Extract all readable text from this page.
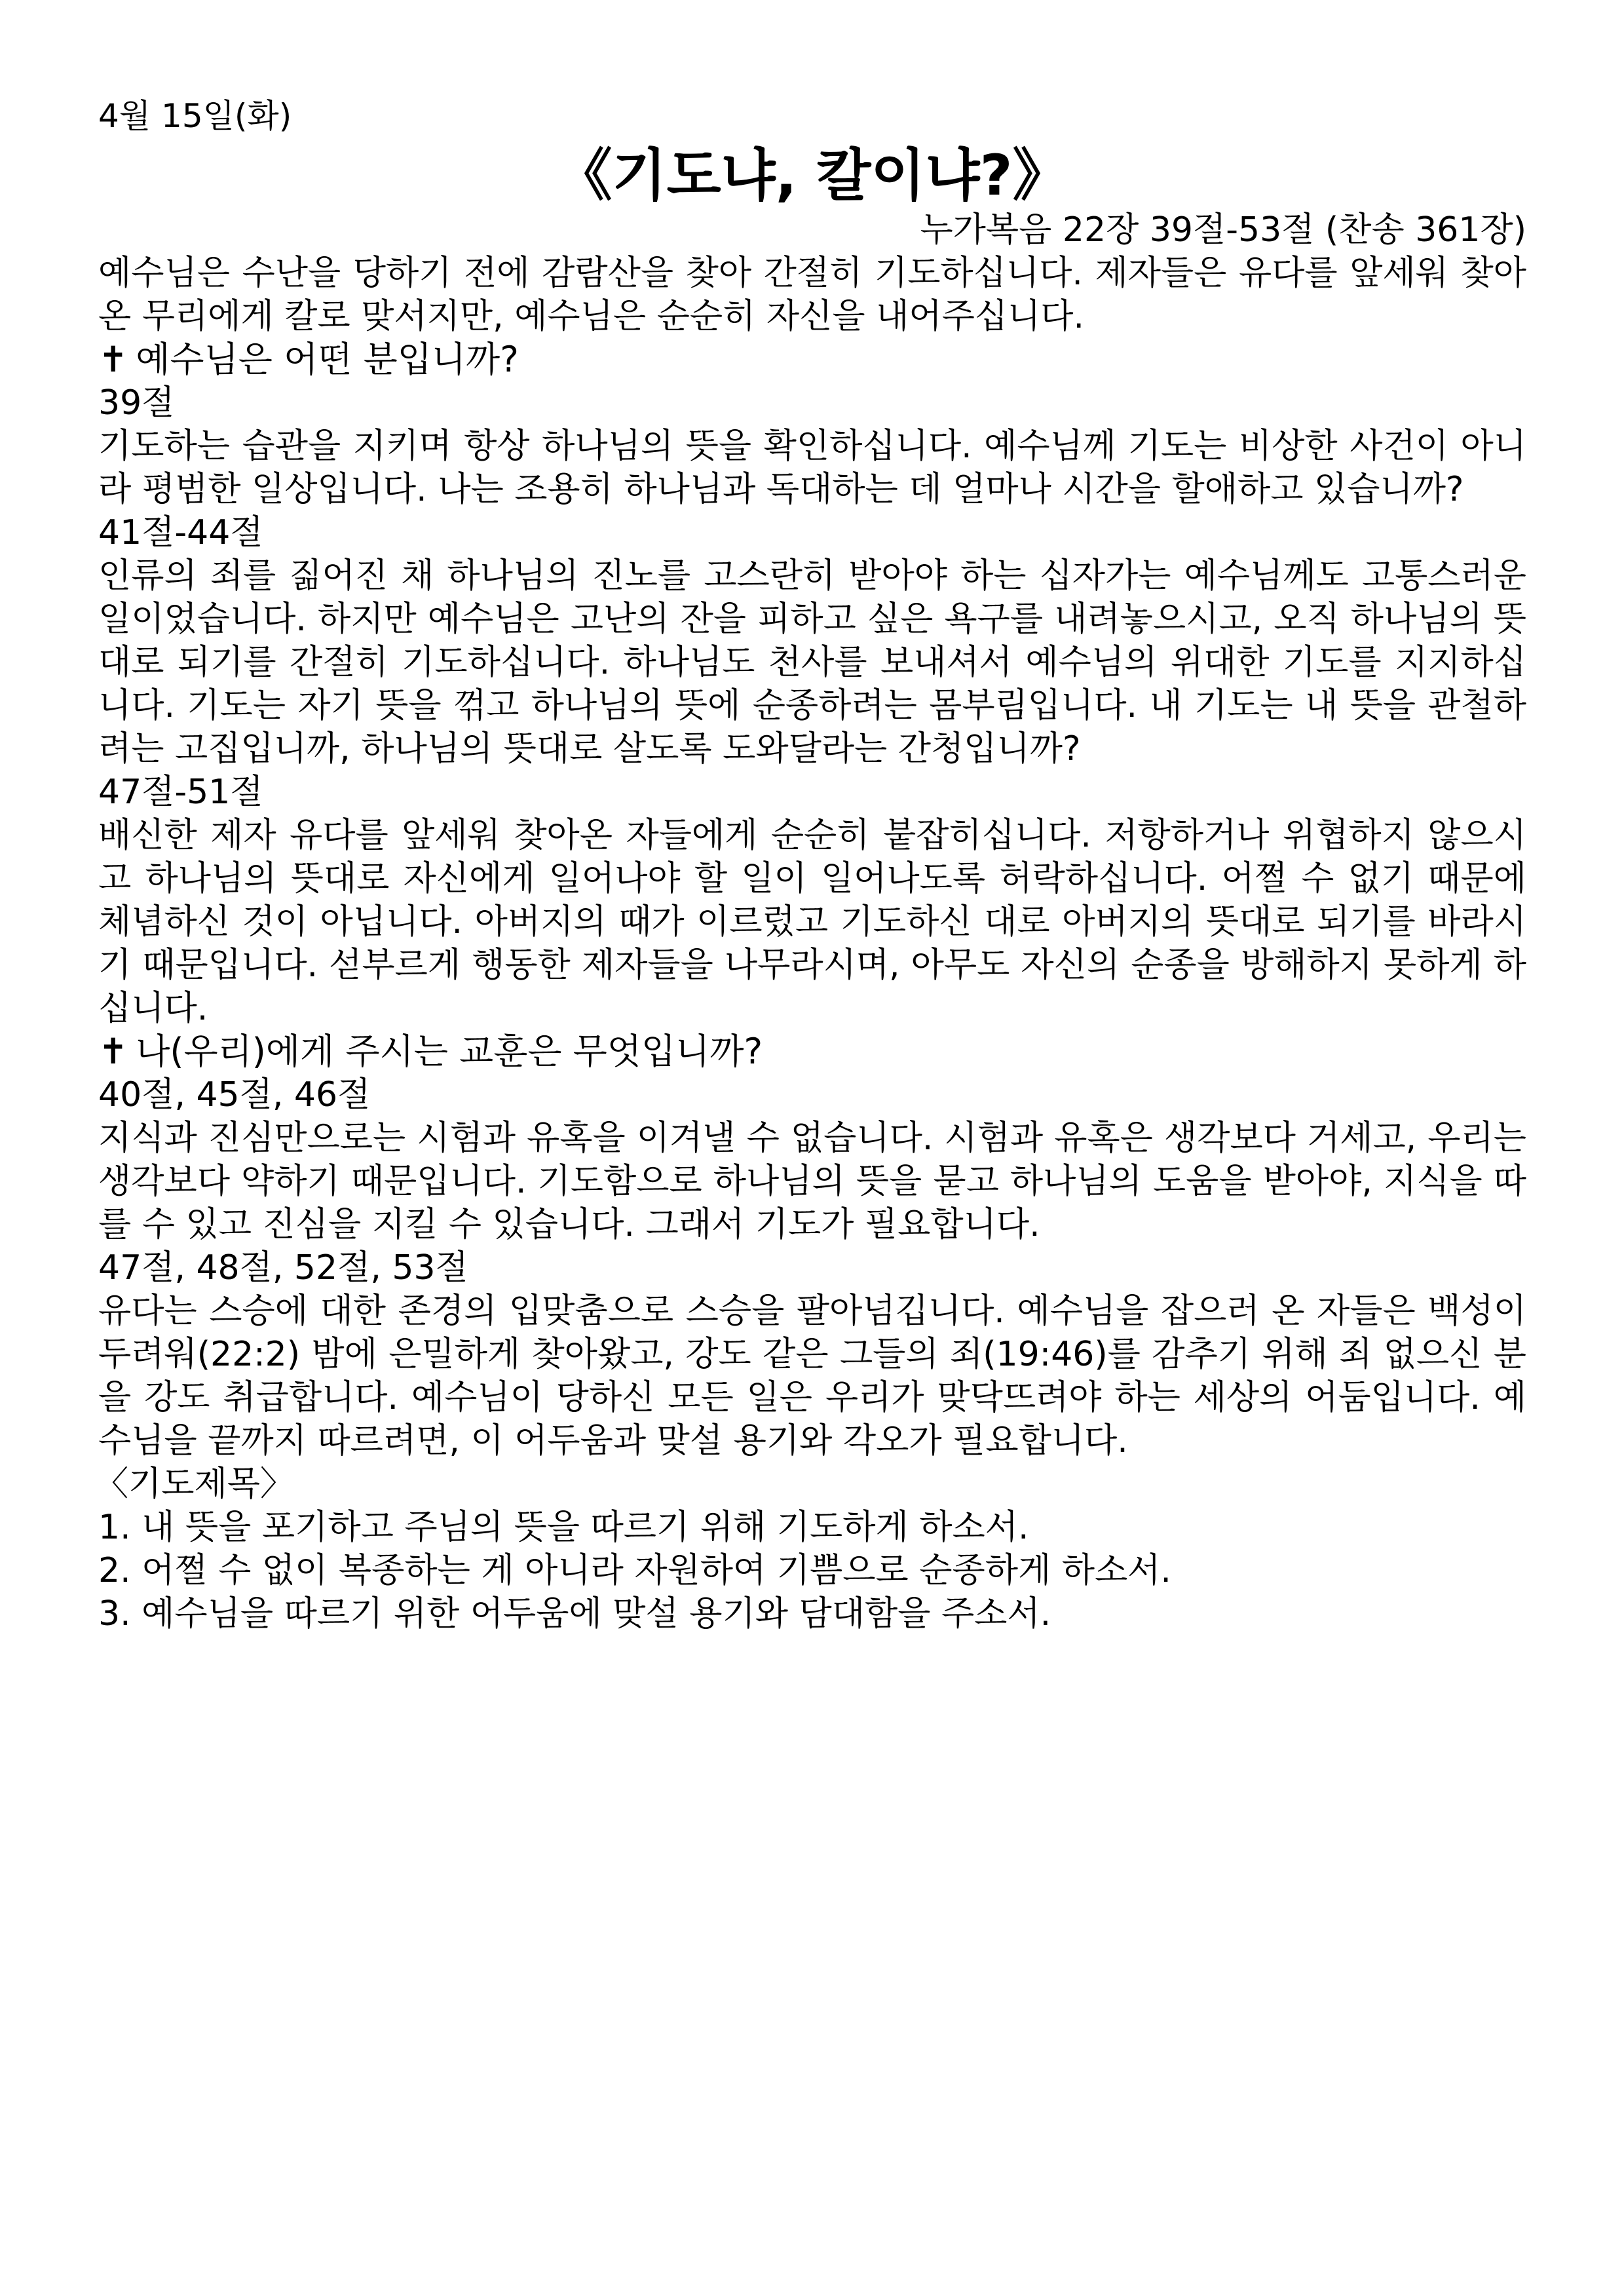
4월 15일(화)
《기도냐, 칼이냐?》
누가복음 22장 39절-53절 (찬송 361장)
예수님은 수난을 당하기 전에 감람산을 찾아 간절히 기도하십니다. 제자들은 유다를 앞세워 찾아온 무리에게 칼로 맞서지만, 예수님은 순순히 자신을 내어주십니다.
✝ 예수님은 어떤 분입니까?
39절
기도하는 습관을 지키며 항상 하나님의 뜻을 확인하십니다. 예수님께 기도는 비상한 사건이 아니라 평범한 일상입니다. 나는 조용히 하나님과 독대하는 데 얼마나 시간을 할애하고 있습니까?
41절-44절
인류의 죄를 짊어진 채 하나님의 진노를 고스란히 받아야 하는 십자가는 예수님께도 고통스러운 일이었습니다. 하지만 예수님은 고난의 잔을 피하고 싶은 욕구를 내려놓으시고, 오직 하나님의 뜻대로 되기를 간절히 기도하십니다. 하나님도 천사를 보내셔서 예수님의 위대한 기도를 지지하십니다. 기도는 자기 뜻을 꺾고 하나님의 뜻에 순종하려는 몸부림입니다. 내 기도는 내 뜻을 관철하려는 고집입니까, 하나님의 뜻대로 살도록 도와달라는 간청입니까?
47절-51절
배신한 제자 유다를 앞세워 찾아온 자들에게 순순히 붙잡히십니다. 저항하거나 위협하지 않으시고 하나님의 뜻대로 자신에게 일어나야 할 일이 일어나도록 허락하십니다. 어쩔 수 없기 때문에 체념하신 것이 아닙니다. 아버지의 때가 이르렀고 기도하신 대로 아버지의 뜻대로 되기를 바라시기 때문입니다. 섣부르게 행동한 제자들을 나무라시며, 아무도 자신의 순종을 방해하지 못하게 하십니다.
✝ 나(우리)에게 주시는 교훈은 무엇입니까?
40절, 45절, 46절
지식과 진심만으로는 시험과 유혹을 이겨낼 수 없습니다. 시험과 유혹은 생각보다 거세고, 우리는 생각보다 약하기 때문입니다. 기도함으로 하나님의 뜻을 묻고 하나님의 도움을 받아야, 지식을 따를 수 있고 진심을 지킬 수 있습니다. 그래서 기도가 필요합니다.
47절, 48절, 52절, 53절
유다는 스승에 대한 존경의 입맞춤으로 스승을 팔아넘깁니다. 예수님을 잡으러 온 자들은 백성이 두려워(22:2) 밤에 은밀하게 찾아왔고, 강도 같은 그들의 죄(19:46)를 감추기 위해 죄 없으신 분을 강도 취급합니다. 예수님이 당하신 모든 일은 우리가 맞닥뜨려야 하는 세상의 어둠입니다. 예수님을 끝까지 따르려면, 이 어두움과 맞설 용기와 각오가 필요합니다.
〈기도제목〉
1. 내 뜻을 포기하고 주님의 뜻을 따르기 위해 기도하게 하소서.
2. 어쩔 수 없이 복종하는 게 아니라 자원하여 기쁨으로 순종하게 하소서.
3. 예수님을 따르기 위한 어두움에 맞설 용기와 담대함을 주소서.
